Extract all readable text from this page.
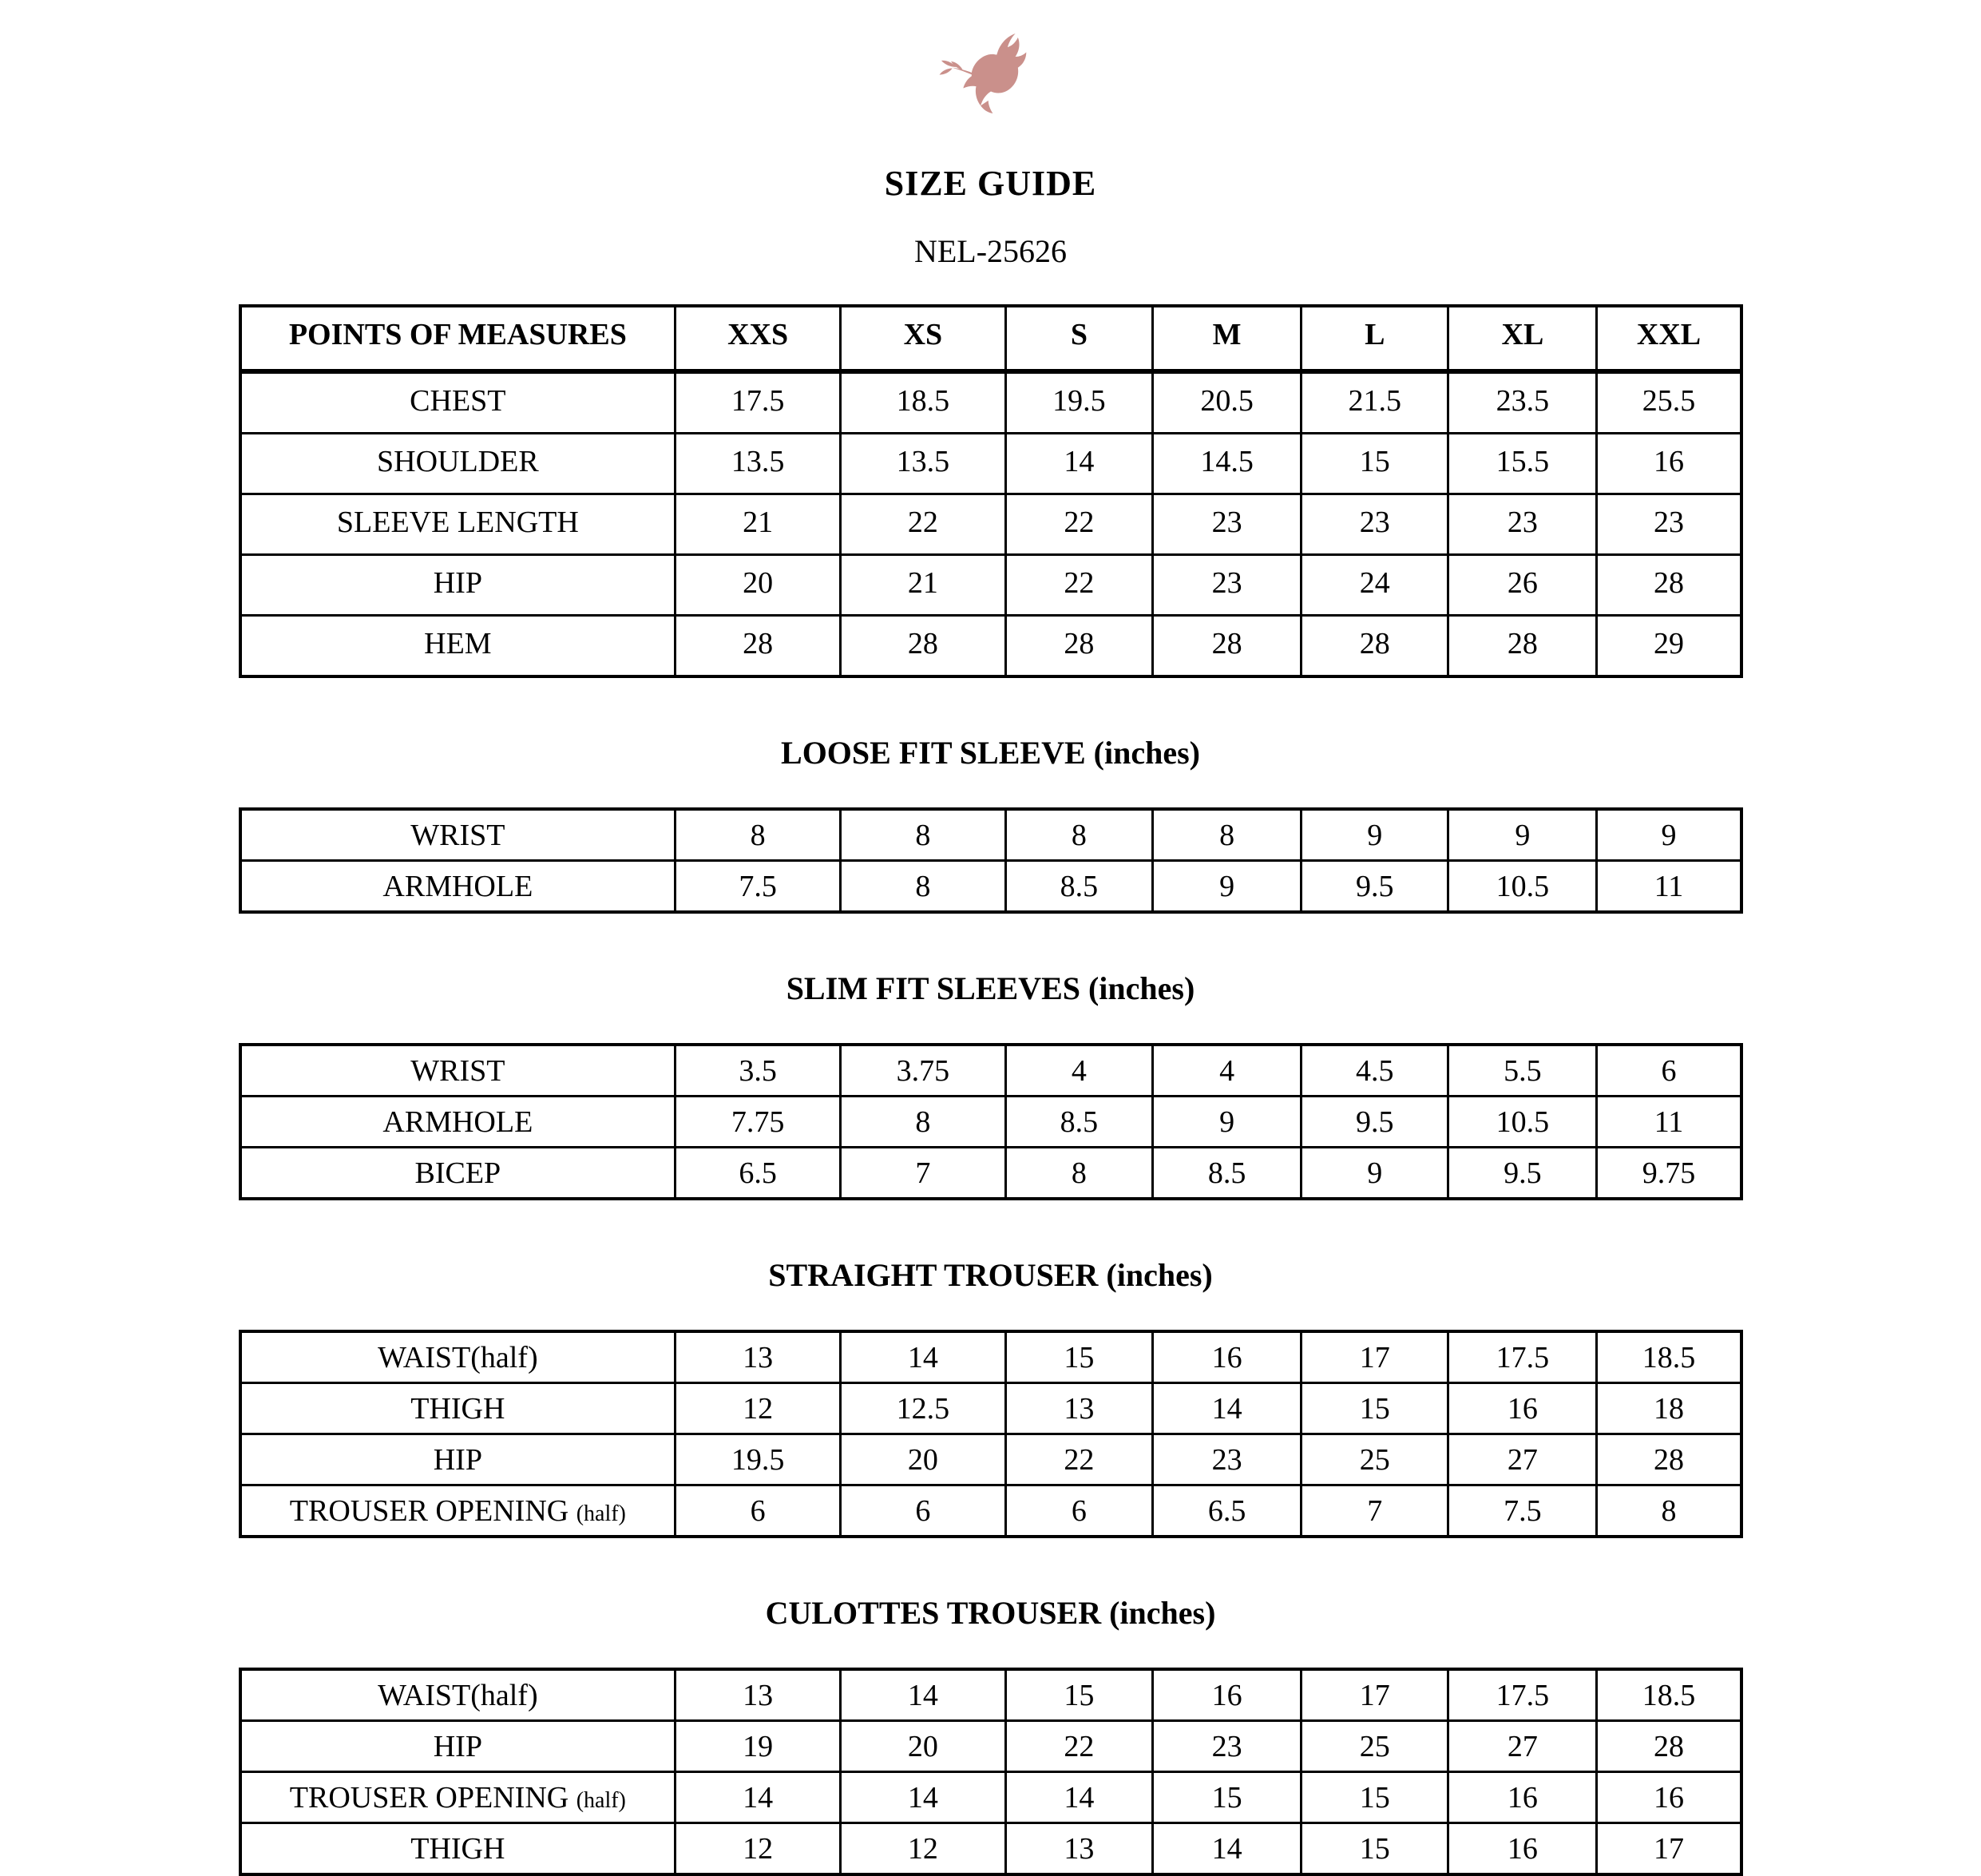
SIZE GUIDE
NEL-25626
POINTS OF MEASURES	XXS	XS	S	M	L	XL	XXL
CHEST	17.5	18.5	19.5	20.5	21.5	23.5	25.5
SHOULDER	13.5	13.5	14	14.5	15	15.5	16
SLEEVE LENGTH	21	22	22	23	23	23	23
HIP	20	21	22	23	24	26	28
HEM	28	28	28	28	28	28	29
LOOSE FIT SLEEVE (inches)
WRIST	8	8	8	8	9	9	9
ARMHOLE	7.5	8	8.5	9	9.5	10.5	11
SLIM FIT SLEEVES (inches)
WRIST	3.5	3.75	4	4	4.5	5.5	6
ARMHOLE	7.75	8	8.5	9	9.5	10.5	11
BICEP	6.5	7	8	8.5	9	9.5	9.75
STRAIGHT TROUSER (inches)
WAIST(half)	13	14	15	16	17	17.5	18.5
THIGH	12	12.5	13	14	15	16	18
HIP	19.5	20	22	23	25	27	28
TROUSER OPENING (half)	6	6	6	6.5	7	7.5	8
CULOTTES TROUSER (inches)
WAIST(half)	13	14	15	16	17	17.5	18.5
HIP	19	20	22	23	25	27	28
TROUSER OPENING (half)	14	14	14	15	15	16	16
THIGH	12	12	13	14	15	16	17
